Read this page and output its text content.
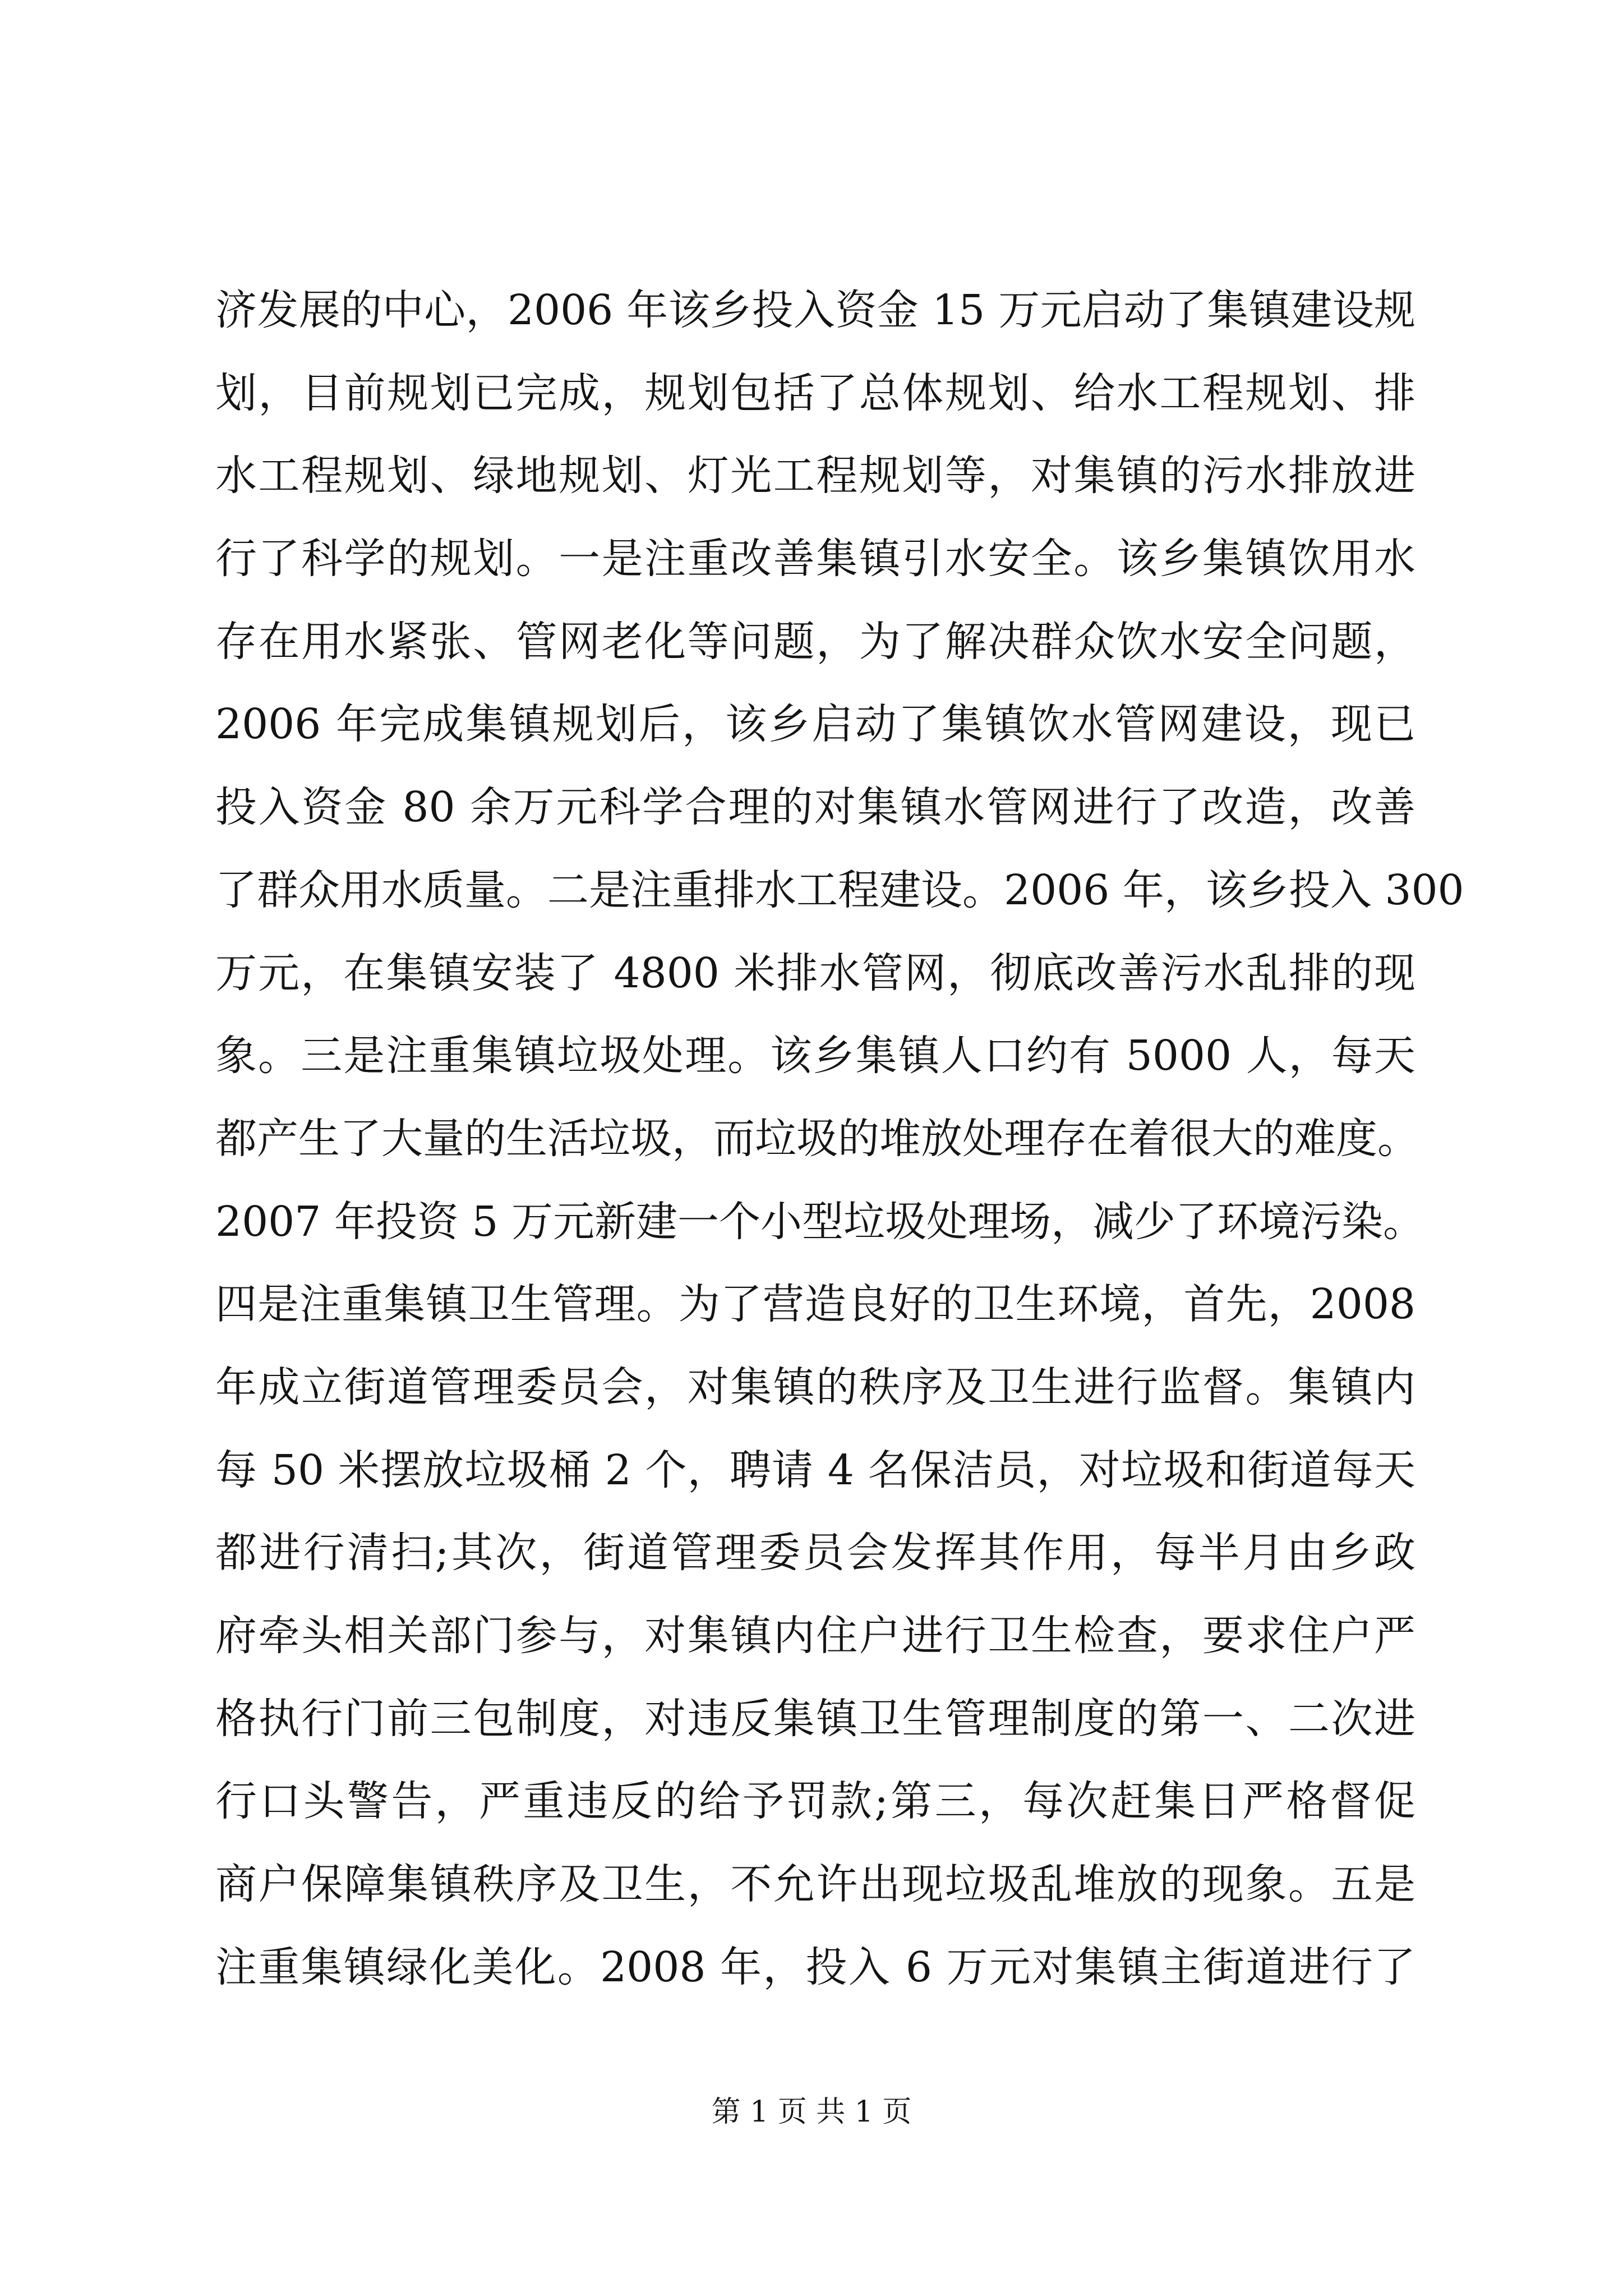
济发展的中心，2006 年该乡投入资金 15 万元启动了集镇建设规
划，目前规划已完成，规划包括了总体规划、给水工程规划、排
水工程规划、绿地规划、灯光工程规划等，对集镇的污水排放进
行了科学的规划。一是注重改善集镇引水安全。该乡集镇饮用水
存在用水紧张、管网老化等问题，为了解决群众饮水安全问题，
2006 年完成集镇规划后，该乡启动了集镇饮水管网建设，现已
投入资金 80 余万元科学合理的对集镇水管网进行了改造，改善
了群众用水质量。二是注重排水工程建设。2006 年，该乡投入 300
万元，在集镇安装了 4800 米排水管网，彻底改善污水乱排的现
象。三是注重集镇垃圾处理。该乡集镇人口约有 5000 人，每天
都产生了大量的生活垃圾，而垃圾的堆放处理存在着很大的难度。
2007 年投资 5 万元新建一个小型垃圾处理场，减少了环境污染。
四是注重集镇卫生管理。为了营造良好的卫生环境，首先，2008
年成立街道管理委员会，对集镇的秩序及卫生进行监督。集镇内
每 50 米摆放垃圾桶 2 个，聘请 4 名保洁员，对垃圾和街道每天
都进行清扫;其次，街道管理委员会发挥其作用，每半月由乡政
府牵头相关部门参与，对集镇内住户进行卫生检查，要求住户严
格执行门前三包制度，对违反集镇卫生管理制度的第一、二次进
行口头警告，严重违反的给予罚款;第三，每次赶集日严格督促
商户保障集镇秩序及卫生，不允许出现垃圾乱堆放的现象。五是
注重集镇绿化美化。2008 年，投入 6 万元对集镇主街道进行了
第 1 页 共 1 页
